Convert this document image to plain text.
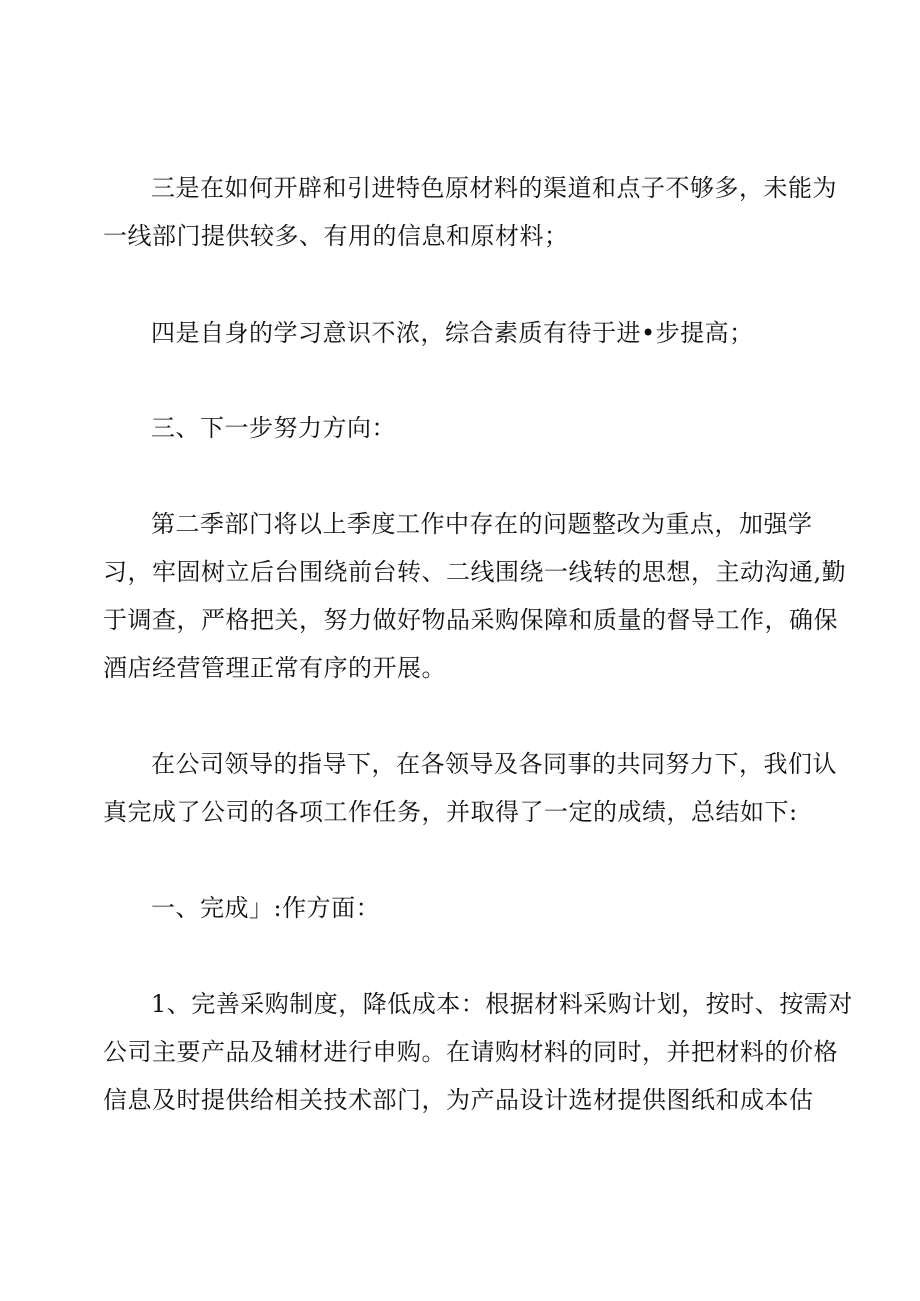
三是在如何开辟和引进特色原材料的渠道和点子不够多，未能为
一线部门提供较多、有用的信息和原材料；
四是自身的学习意识不浓，综合素质有待于进•步提高；
三、下一步努力方向：
第二季部门将以上季度工作中存在的问题整改为重点，加强学
习，牢固树立后台围绕前台转、二线围绕一线转的思想，主动沟通,勤
于调查，严格把关，努力做好物品采购保障和质量的督导工作，确保
酒店经营管理正常有序的开展。
在公司领导的指导下，在各领导及各同事的共同努力下，我们认
真完成了公司的各项工作任务，并取得了一定的成绩，总结如下:
一、完成」:作方面：
1、完善采购制度，降低成本：根据材料采购计划，按时、按需对
公司主要产品及辅材进行申购。在请购材料的同时，并把材料的价格
信息及时提供给相关技术部门，为产品设计选材提供图纸和成本估
